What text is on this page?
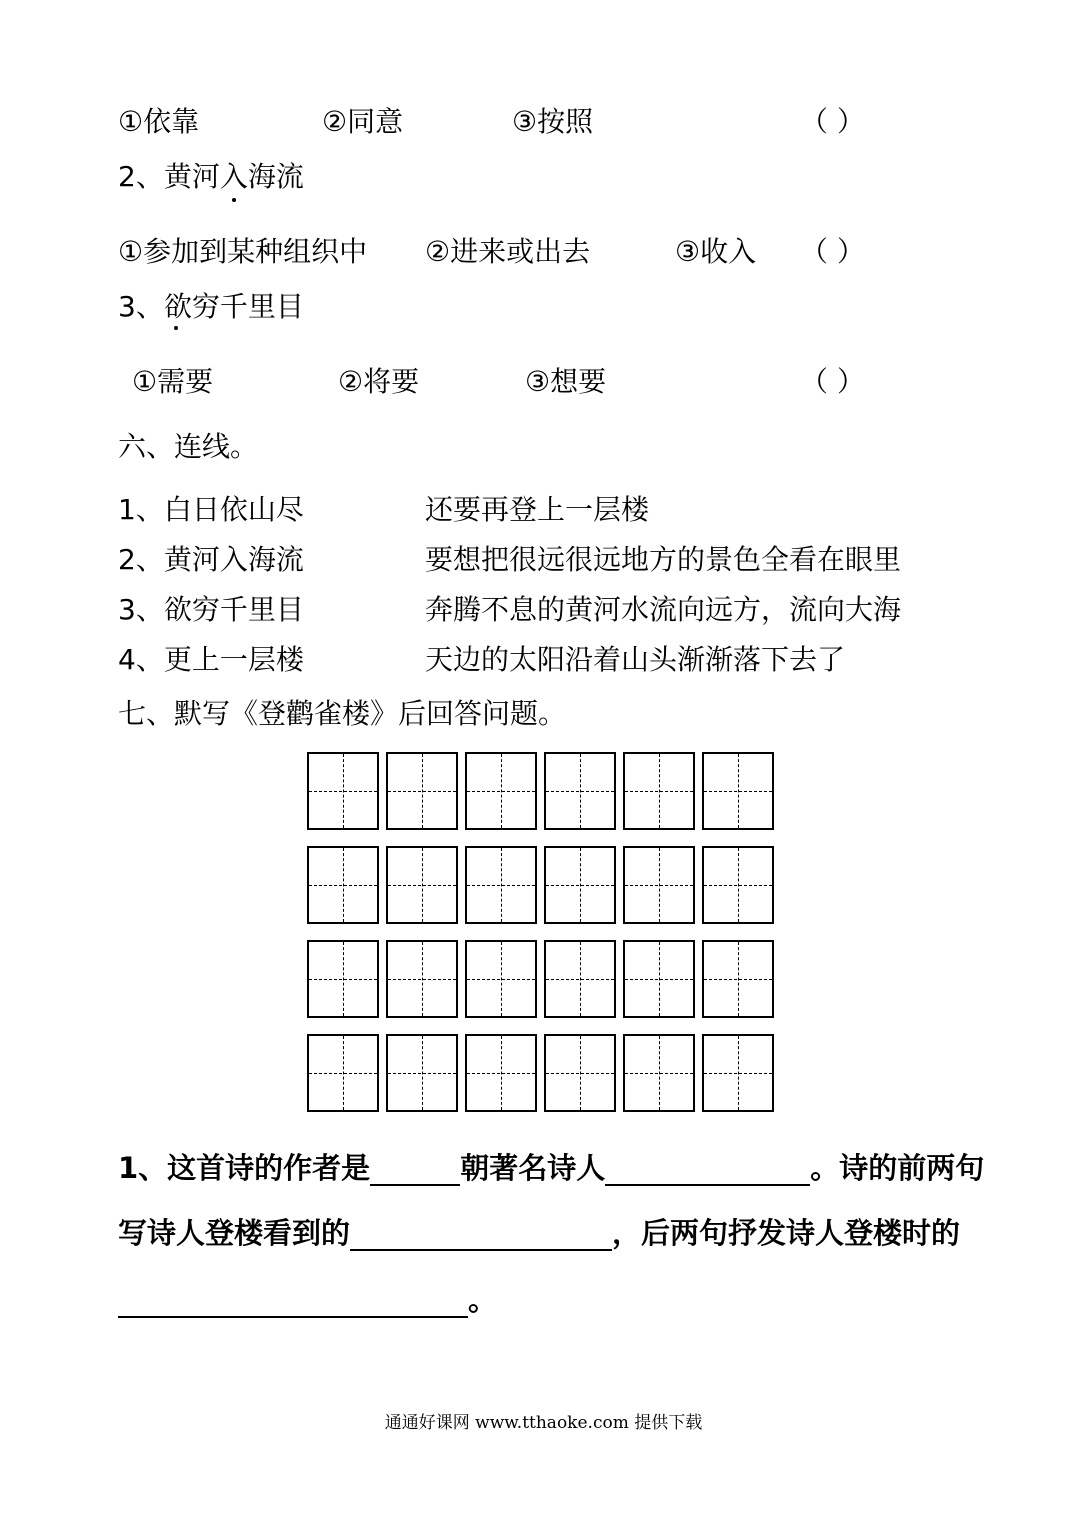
①依靠	②同意	③按照	（ ）
2、黄河入海流
①参加到某种组织中 ②进来或出去	③收入 （ ）
3、欲穷千里目
①需要	②将要	③想要	（ ）
六、连线。
1、白日依山尽	还要再登上一层楼
2、黄河入海流	要想把很远很远地方的景色全看在眼里
3、欲穷千里目	奔腾不息的黄河水流向远方，流向大海
4、更上一层楼	天边的太阳沿着山头渐渐落下去了
七、默写《登鹳雀楼》后回答问题。
1、这首诗的作者是	朝著名诗人	。诗的前两句
写诗人登楼看到的	，后两句抒发诗人登楼时的
。
通通好课网 www.tthaoke.com 提供下载
